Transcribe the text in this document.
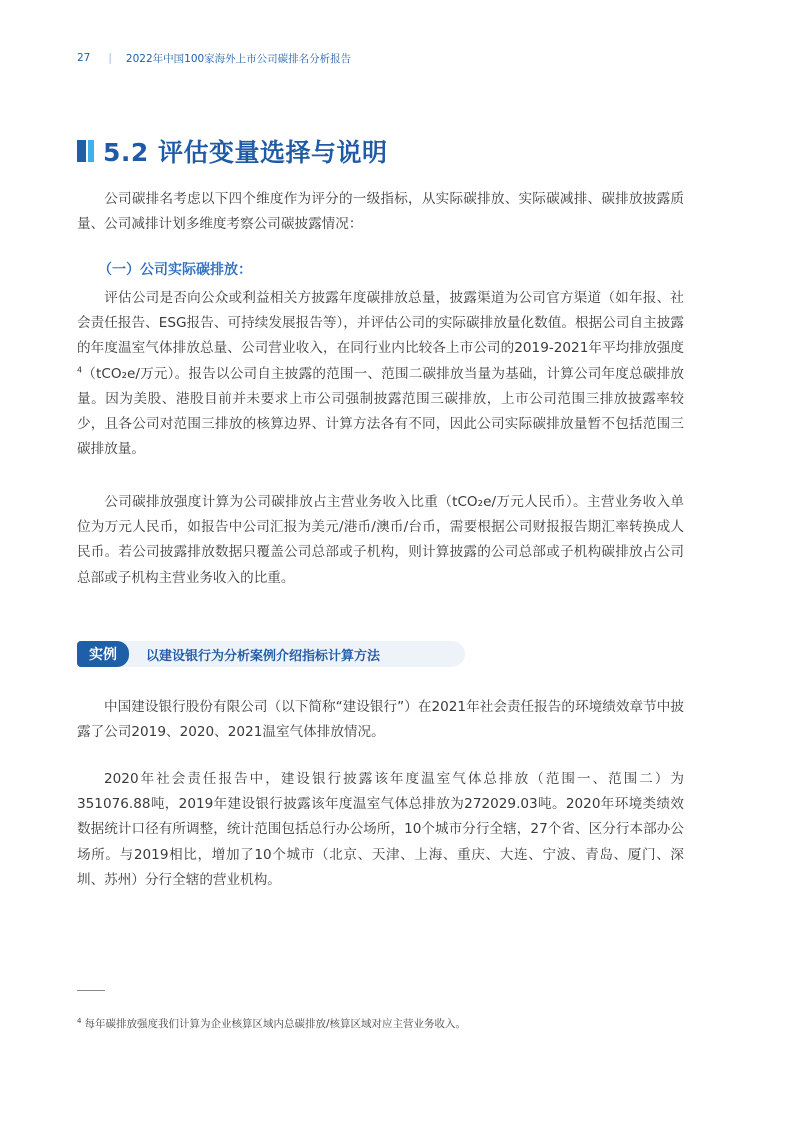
27 | 2022年中国100家海外上市公司碳排名分析报告
5.2 评估变量选择与说明

公司碳排名考虑以下四个维度作为评分的一级指标，从实际碳排放、实际碳减排、碳排放披露质量、公司减排计划多维度考察公司碳披露情况：

（一）公司实际碳排放：

评估公司是否向公众或利益相关方披露年度碳排放总量，披露渠道为公司官方渠道（如年报、社会责任报告、ESG报告、可持续发展报告等），并评估公司的实际碳排放量化数值。根据公司自主披露的年度温室气体排放总量、公司营业收入，在同行业内比较各上市公司的2019-2021年平均排放强度$^4$（tCO₂e/万元）。报告以公司自主披露的范围一、范围二碳排放当量为基础，计算公司年度总碳排放量。因为美股、港股目前并未要求上市公司强制披露范围三碳排放，上市公司范围三排放披露率较少，且各公司对范围三排放的核算边界、计算方法各有不同，因此公司实际碳排放量暂不包括范围三碳排放量。

公司碳排放强度计算为公司碳排放占主营业务收入比重（tCO₂e/万元人民币）。主营业务收入单位为万元人民币，如报告中公司汇报为美元/港币/澳币/台币，需要根据公司财报报告期汇率转换成人民币。若公司披露排放数据只覆盖公司总部或子机构，则计算披露的公司总部或子机构碳排放占公司总部或子机构主营业务收入的比重。

实例	以建设银行为分析案例介绍指标计算方法

中国建设银行股份有限公司（以下简称“建设银行”）在2021年社会责任报告的环境绩效章节中披露了公司2019、2020、2021温室气体排放情况。

2020年社会责任报告中，建设银行披露该年度温室气体总排放（范围一、范围二）为351076.88吨，2019年建设银行披露该年度温室气体总排放为272029.03吨。2020年环境类绩效数据统计口径有所调整，统计范围包括总行办公场所，10个城市分行全辖，27个省、区分行本部办公场所。与2019相比，增加了10个城市（北京、天津、上海、重庆、大连、宁波、青岛、厦门、深圳、苏州）分行全辖的营业机构。

$^4$ 每年碳排放强度我们计算为企业核算区域内总碳排放/核算区域对应主营业务收入。
